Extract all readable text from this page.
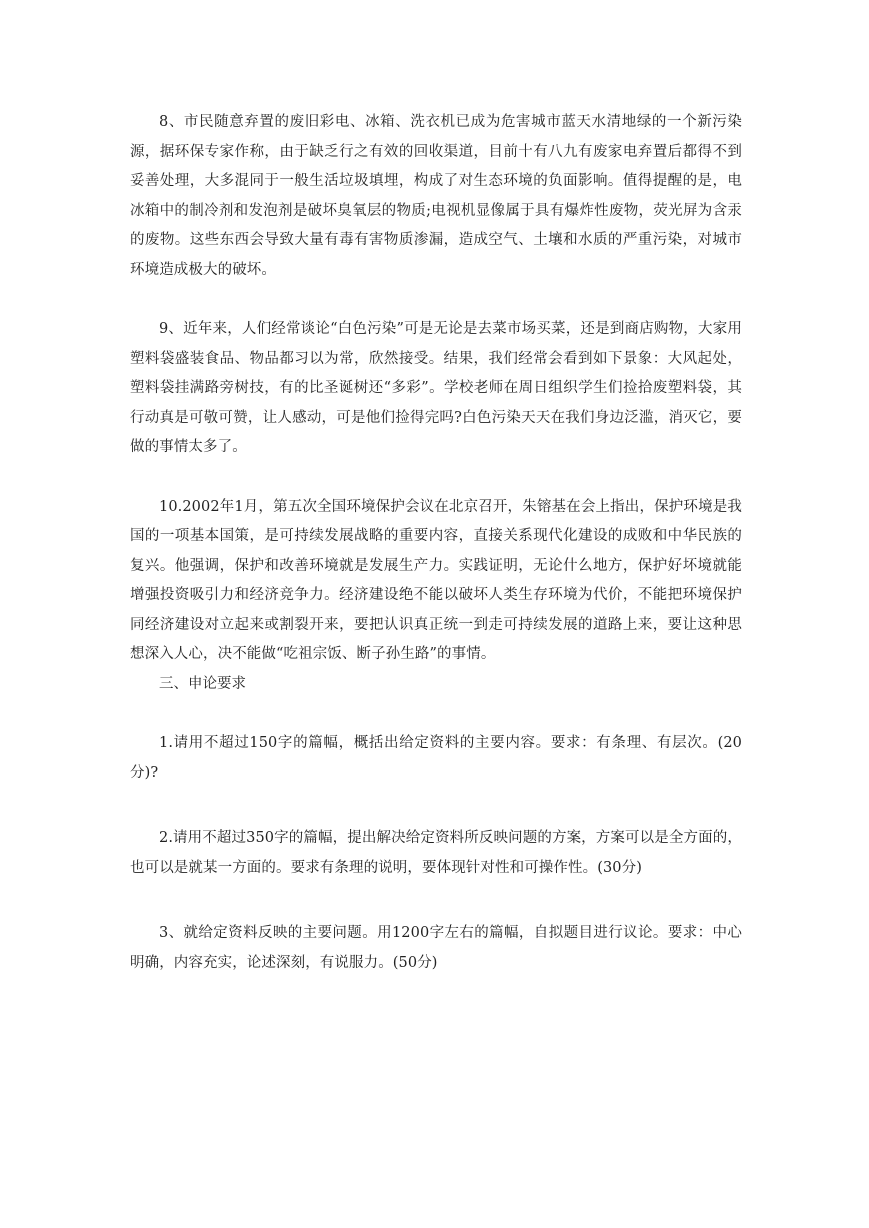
8、市民随意弃置的废旧彩电、冰箱、洗衣机已成为危害城市蓝天水清地绿的一个新污染源，据环保专家作称，由于缺乏行之有效的回收渠道，目前十有八九有废家电弃置后都得不到妥善处理，大多混同于一般生活垃圾填埋，构成了对生态环境的负面影响。值得提醒的是，电冰箱中的制冷剂和发泡剂是破坏臭氧层的物质;电视机显像属于具有爆炸性废物，荧光屏为含汞的废物。这些东西会导致大量有毒有害物质渗漏，造成空气、土壤和水质的严重污染，对城市环境造成极大的破坏。

9、近年来，人们经常谈论“白色污染”可是无论是去菜市场买菜，还是到商店购物，大家用塑料袋盛装食品、物品都习以为常，欣然接受。结果，我们经常会看到如下景象：大风起处，塑料袋挂满路旁树技，有的比圣诞树还“多彩”。学校老师在周日组织学生们捡拾废塑料袋，其行动真是可敬可赞，让人感动，可是他们捡得完吗?白色污染天天在我们身边泛滥，消灭它，要做的事情太多了。

10.2002年1月，第五次全国环境保护会议在北京召开，朱镕基在会上指出，保护环境是我国的一项基本国策，是可持续发展战略的重要内容，直接关系现代化建设的成败和中华民族的复兴。他强调，保护和改善环境就是发展生产力。实践证明，无论什么地方，保护好坏境就能增强投资吸引力和经济竞争力。经济建设绝不能以破坏人类生存环境为代价，不能把环境保护同经济建设对立起来或割裂开来，要把认识真正统一到走可持续发展的道路上来，要让这种思想深入人心，决不能做“吃祖宗饭、断子孙生路”的事情。

三、申论要求

1.请用不超过150字的篇幅，概括出给定资料的主要内容。要求：有条理、有层次。(20分)?

2.请用不超过350字的篇幅，提出解决给定资料所反映问题的方案，方案可以是全方面的，也可以是就某一方面的。要求有条理的说明，要体现针对性和可操作性。(30分)

3、就给定资料反映的主要问题。用1200字左右的篇幅，自拟题目进行议论。要求：中心明确，内容充实，论述深刻，有说服力。(50分)
